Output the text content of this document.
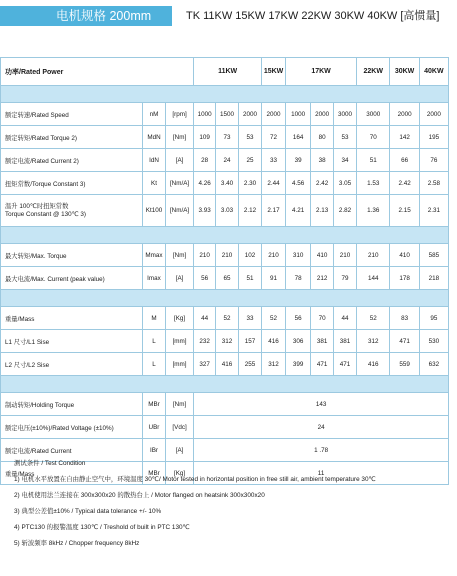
电机规格 200mm	TK 11KW 15KW 17KW 22KW 30KW 40KW [高惯量]
功率/Rated Power			11KW			15KW	17KW			22KW	30KW	40KW

额定转速/Rated Speed	nM	[rpm]	1000	1500	2000	2000	1000	2000	3000	3000	2000	2000
额定转矩/Rated Torque 2)	MdN	[Nm]	109	73	53	72	164	80	53	70	142	195
额定电流/Rated Current 2)	IdN	[A]	28	24	25	33	39	38	34	51	66	76
扭矩常数/Torque Constant 3)	Kt	[Nm/A]	4.26	3.40	2.30	2.44	4.56	2.42	3.05	1.53	2.42	2.58

温升 100℃时扭矩常数
Torque Constant @ 130℃ 3)	Kt100	[Nm/A]	3.93	3.03	2.12	2.17	4.21	2.13	2.82	1.36	2.15	2.31

最大转矩/Max. Torque	Mmax	[Nm]	210	210	102	210	310	410	210	210	410	585
最大电流/Max. Current (peak value)	Imax	[A]	56	65	51	91	78	212	79	144	178	218

重量/Mass	M	[Kg]	44	52	33	52	56	70	44	52	83	95
L1 尺寸/L1 Sise	L	[mm]	232	312	157	416	306	381	381	312	471	530
L2 尺寸/L2 Sise	L	[mm]	327	416	255	312	399	471	471	416	559	632

制动转矩/Holding Torque	MBr	[Nm]	143									
额定电压(±10%)/Rated Voltage (±10%)	UBr	[Vdc]	24									
额定电流/Rated Current	IBr	[A]	1 .78									
重量/Mass	MBr	[Kg]	11									
测试条件 / Test Condition
1) 电机水平放置在自由静止空气中，环境温度 30℃/ Motor tested in horizontal position in free still air, ambient temperature 30℃
2) 电机使用法兰连接在 300x300x20 的散热台上 / Motor flanged on heatsink 300x300x20
3) 典型公差值±10% / Typical data tolerance +/- 10%
4) PTC130 的报警温度 130℃ / Treshold of built in PTC 130℃
5) 斩波频率 8kHz / Chopper frequency 8kHz
